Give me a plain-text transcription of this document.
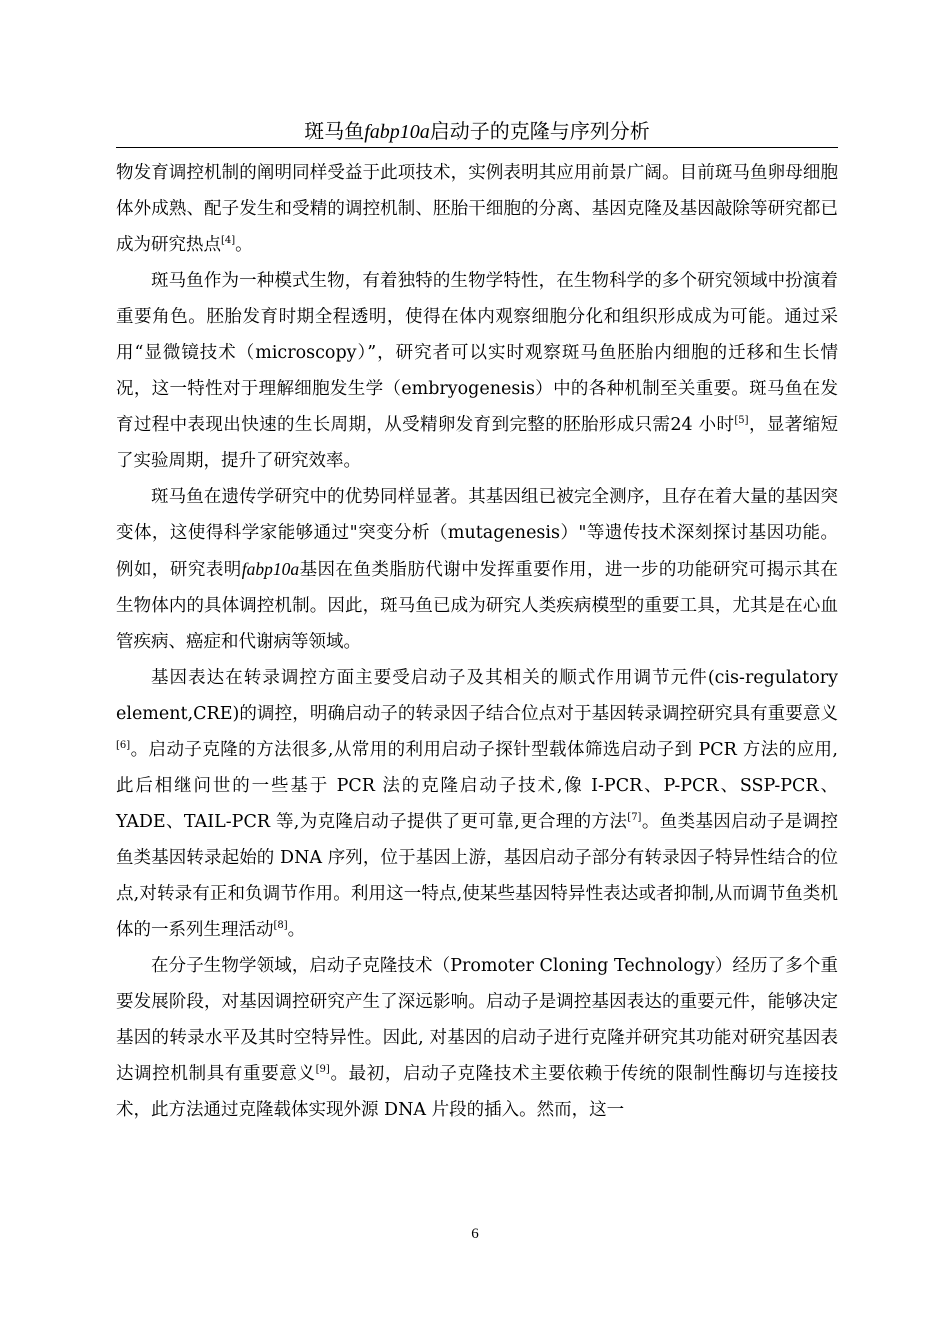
斑马鱼fabp10a启动子的克隆与序列分析

物发育调控机制的阐明同样受益于此项技术，实例表明其应用前景广阔。目前斑马鱼卵母细胞体外成熟、配子发生和受精的调控机制、胚胎干细胞的分离、基因克隆及基因敲除等研究都已成为研究热点[4]。

斑马鱼作为一种模式生物，有着独特的生物学特性，在生物科学的多个研究领域中扮演着重要角色。胚胎发育时期全程透明，使得在体内观察细胞分化和组织形成成为可能。通过采用“显微镜技术（microscopy）”，研究者可以实时观察斑马鱼胚胎内细胞的迁移和生长情况，这一特性对于理解细胞发生学（embryogenesis）中的各种机制至关重要。斑马鱼在发育过程中表现出快速的生长周期，从受精卵发育到完整的胚胎形成只需24 小时[5]，显著缩短了实验周期，提升了研究效率。

斑马鱼在遗传学研究中的优势同样显著。其基因组已被完全测序，且存在着大量的基因突变体，这使得科学家能够通过"突变分析（mutagenesis）"等遗传技术深刻探讨基因功能。例如，研究表明fabp10a基因在鱼类脂肪代谢中发挥重要作用，进一步的功能研究可揭示其在生物体内的具体调控机制。因此，斑马鱼已成为研究人类疾病模型的重要工具，尤其是在心血管疾病、癌症和代谢病等领域。

基因表达在转录调控方面主要受启动子及其相关的顺式作用调节元件(cis-regulatory element,CRE)的调控，明确启动子的转录因子结合位点对于基因转录调控研究具有重要意义[6]。启动子克隆的方法很多,从常用的利用启动子探针型载体筛选启动子到 PCR 方法的应用,此后相继问世的一些基于 PCR 法的克隆启动子技术,像 I-PCR、P-PCR、SSP-PCR、YADE、TAIL-PCR 等,为克隆启动子提供了更可靠,更合理的方法[7]。鱼类基因启动子是调控鱼类基因转录起始的 DNA 序列，位于基因上游，基因启动子部分有转录因子特异性结合的位点,对转录有正和负调节作用。利用这一特点,使某些基因特异性表达或者抑制,从而调节鱼类机体的一系列生理活动[8]。

在分子生物学领域，启动子克隆技术（Promoter Cloning Technology）经历了多个重要发展阶段，对基因调控研究产生了深远影响。启动子是调控基因表达的重要元件，能够决定基因的转录水平及其时空特异性。因此, 对基因的启动子进行克隆并研究其功能对研究基因表达调控机制具有重要意义[9]。最初，启动子克隆技术主要依赖于传统的限制性酶切与连接技术，此方法通过克隆载体实现外源 DNA 片段的插入。然而，这一

6
